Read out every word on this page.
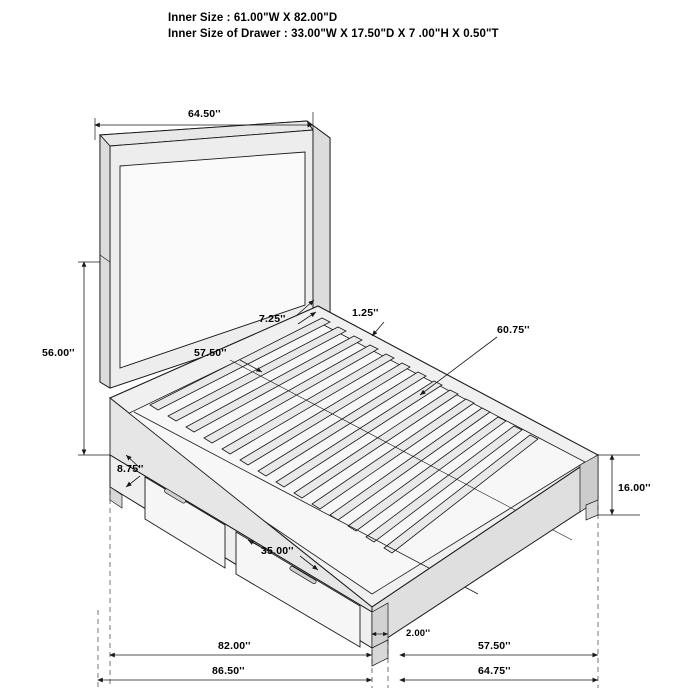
Inner Size : 61.00"W X 82.00"D
Inner Size of Drawer : 33.00"W X 17.50"D X 7 .00"H X 0.50"T
64.50''
56.00''
7.25''	1.25''
57.50''
60.75''
8.75''
16.00''
35.00''
2.00''
82.00''	57.50''
86.50''	64.75''
